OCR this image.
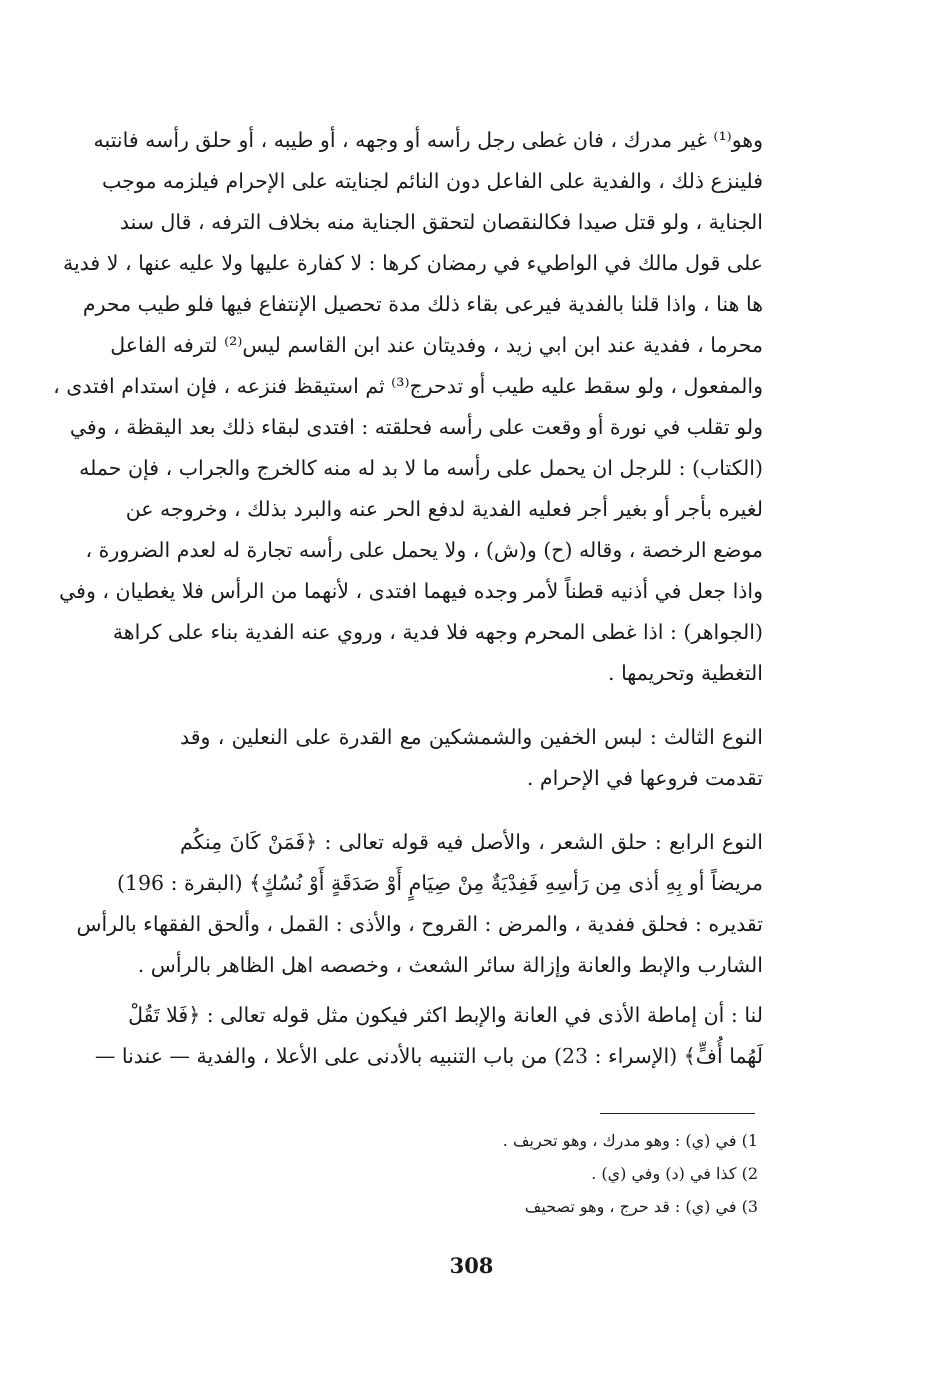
وهو⁽¹⁾ غير مدرك ، فان غطى رجل رأسه أو وجهه ، أو طيبه ، أو حلق رأسه فانتبه
فلينزع ذلك ، والفدية على الفاعل دون النائم لجنايته على الإحرام فيلزمه موجب
الجناية ، ولو قتل صيدا فكالنقصان لتحقق الجناية منه بخلاف الترفه ، قال سند
على قول مالك في الواطيء في رمضان كرها : لا كفارة عليها ولا عليه عنها ، لا فدية
ها هنا ، واذا قلنا بالفدية فيرعى بقاء ذلك مدة تحصيل الإنتفاع فيها فلو طيب محرم
محرما ، ففدية عند ابن ابي زيد ، وفديتان عند ابن القاسم ليس⁽²⁾ لترفه الفاعل
والمفعول ، ولو سقط عليه طيب أو تدحرج⁽³⁾ ثم استيقظ فنزعه ، فإن استدام افتدى ،
ولو تقلب في نورة أو وقعت على رأسه فحلقته : افتدى لبقاء ذلك بعد اليقظة ، وفي
(الكتاب) : للرجل ان يحمل على رأسه ما لا بد له منه كالخرج والجراب ، فإن حمله
لغيره بأجر أو بغير أجر فعليه الفدية لدفع الحر عنه والبرد بذلك ، وخروجه عن
موضع الرخصة ، وقاله (ح) و(ش) ، ولا يحمل على رأسه تجارة له لعدم الضرورة ،
واذا جعل في أذنيه قطناً لأمر وجده فيهما افتدى ، لأنهما من الرأس فلا يغطيان ، وفي
(الجواهر) : اذا غطى المحرم وجهه فلا فدية ، وروي عنه الفدية بناء على كراهة
التغطية وتحريمها .
النوع الثالث : لبس الخفين والشمشكين مع القدرة على النعلين ، وقد
تقدمت فروعها في الإحرام .
النوع الرابع : حلق الشعر ، والأصل فيه قوله تعالى : ﴿فَمَنْ كَانَ مِنكُم
مريضاً أو بِهِ أذى مِن رَأسِهِ فَفِدْيَةٌ مِنْ صِيَامٍ أَوْ صَدَقَةٍ أَوْ نُسُكٍ﴾ (البقرة : 196)
تقديره : فحلق ففدية ، والمرض : القروح ، والأذى : القمل ، وألحق الفقهاء بالرأس
الشارب والإبط والعانة وإزالة سائر الشعث ، وخصصه اهل الظاهر بالرأس .
لنا : أن إماطة الأذى في العانة والإبط اكثر فيكون مثل قوله تعالى : ﴿فَلا تَقُلْ
لَهُما أُفٍّ﴾ (الإسراء : 23) من باب التنبيه بالأدنى على الأعلا ، والفدية — عندنا —
1) في (ي) : وهو مدرك ، وهو تحريف .
2) كذا في (د) وفي (ي) .
3) في (ي) : قد حرج ، وهو تصحيف
308
